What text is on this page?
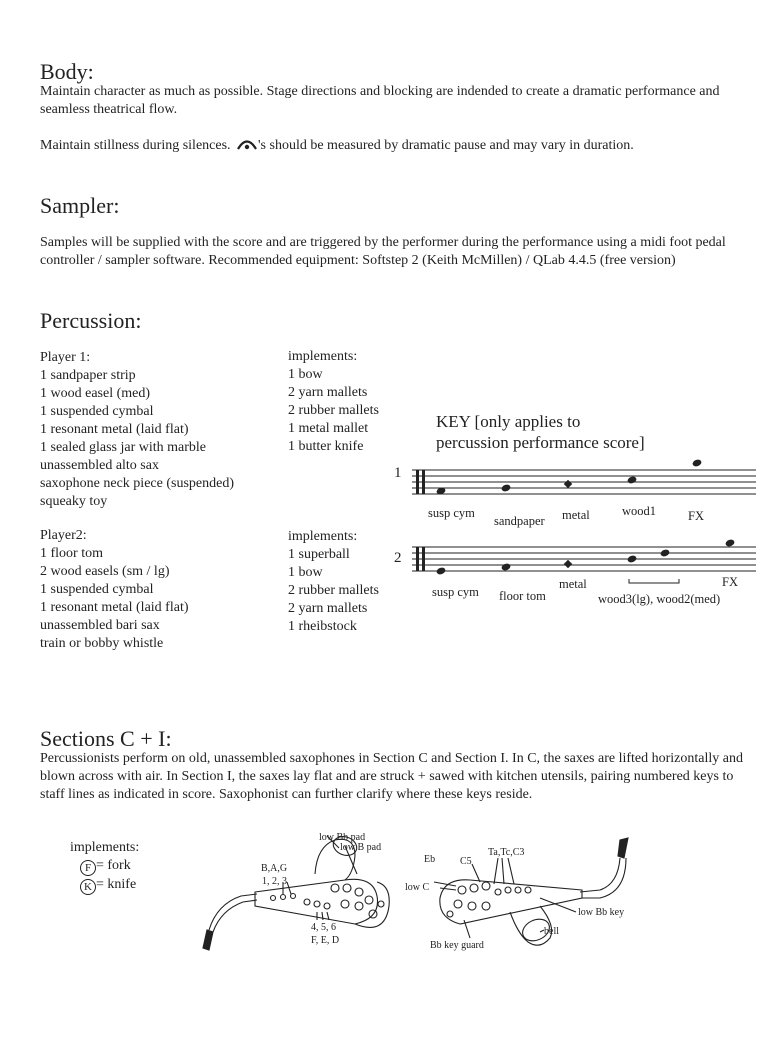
Body:

Maintain character as much as possible. Stage directions and blocking are indended to create a dramatic performance and seamless theatrical flow.

Maintain stillness during silences. 's should be measured by dramatic pause and may vary in duration.

Sampler:

Samples will be supplied with the score and are triggered by the performer during the performance using a midi foot pedal controller / sampler software. Recommended equipment: Softstep 2 (Keith McMillen) / QLab 4.4.5 (free version)

Percussion:
Player 1:
1 sandpaper strip
1 wood easel (med)
1 suspended cymbal
1 resonant metal (laid flat)
1 sealed glass jar with marble
unassembled alto sax
saxophone neck piece (suspended)
squeaky toy
implements:
1 bow
2 yarn mallets
2 rubber mallets
1 metal mallet
1 butter knife
Player2:
1 floor tom
2 wood easels (sm / lg)
1 suspended cymbal
1 resonant metal (laid flat)
unassembled bari sax
train or bobby whistle
implements:
1 superball
1 bow
2 rubber mallets
2 yarn mallets
1 rheibstock
KEY [only applies to
percussion performance score]
1
susp cym
sandpaper metal	wood1	FX
2
susp cym floor tom
metal
wood3(lg), wood2(med)
FX
Sections C + I:

Percussionists perform on old, unassembled saxophones in Section C and Section I. In C, the saxes are lifted horizontally and blown across with air. In Section I, the saxes lay flat and are struck + sawed with kitchen utensils, pairing numbered keys to staff lines as indicated in score. Saxophonist can further clarify where these keys reside.

implements:
F = fork
K = knife
low Bb pad
low B pad
B,A,G
1, 2, 3
4, 5, 6
F, E, D
Eb C5
Ta,Tc,C3
low C
low Bb key
bell
Bb key guard
